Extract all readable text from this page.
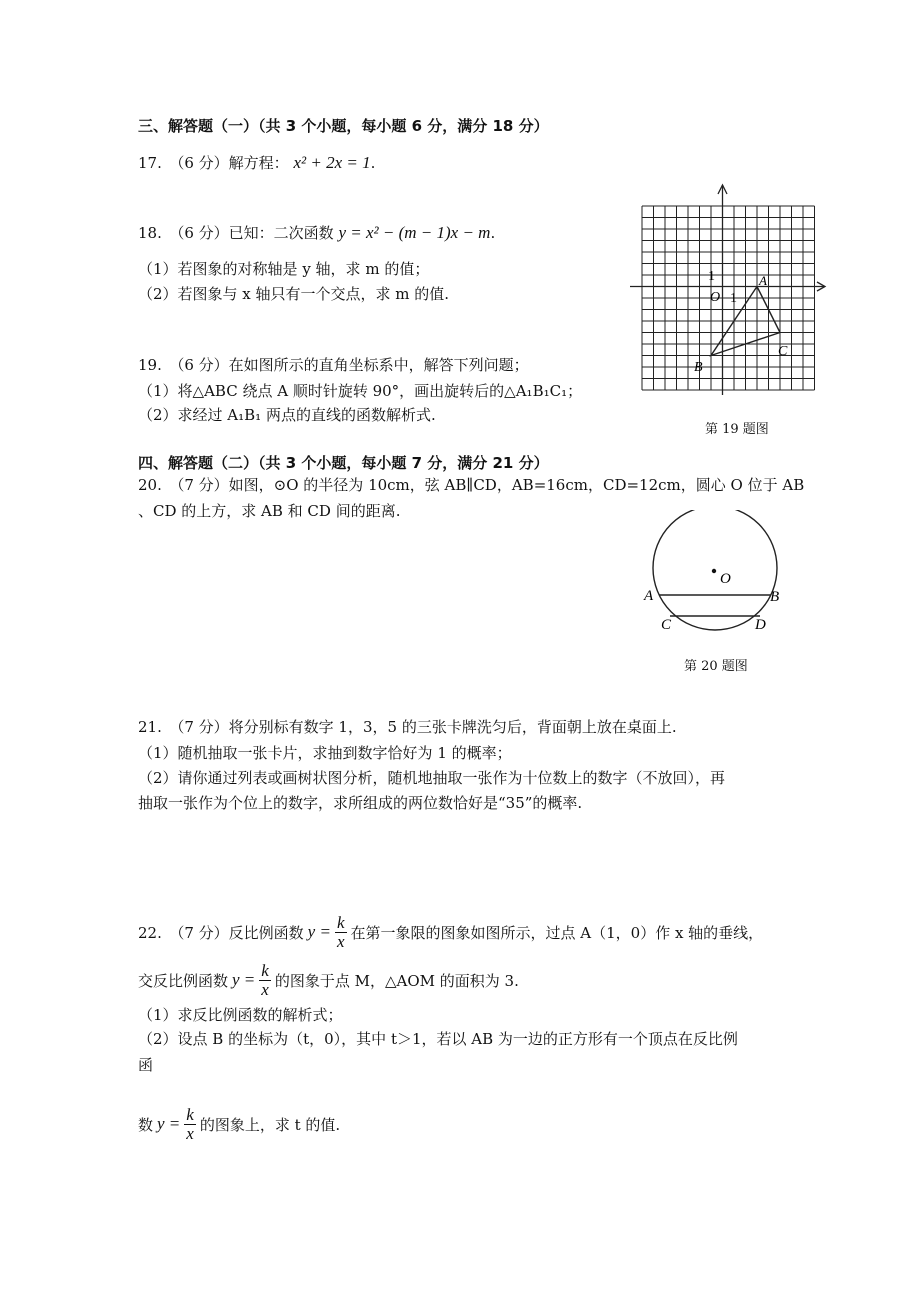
三、解答题（一）（共 3 个小题，每小题 6 分，满分 18 分）
17.　（6 分）解方程： x² + 2x = 1.
18.　（6 分）已知：二次函数 y = x² − (m − 1)x − m.
（1）若图象的对称轴是 y 轴，求 m 的值；
（2）若图象与 x 轴只有一个交点，求 m 的值.
19.　（6 分）在如图所示的直角坐标系中，解答下列问题；
（1）将△ABC 绕点 A 顺时针旋转 90°，画出旋转后的△A₁B₁C₁；
（2）求经过 A₁B₁ 两点的直线的函数解析式.
1
1
O
A
B
C
第 19 题图
四、解答题（二）（共 3 个小题，每小题 7 分，满分 21 分）
20.　（7 分）如图，⊙O 的半径为 10cm，弦 AB∥CD，AB=16cm，CD=12cm，圆心 O 位于 AB
、CD 的上方，求 AB 和 CD 间的距离.
O
A	B
C	D
第 20 题图
21.　（7 分）将分别标有数字 1，3，5 的三张卡牌洗匀后，背面朝上放在桌面上.
（1）随机抽取一张卡片，求抽到数字恰好为 1 的概率；
（2）请你通过列表或画树状图分析，随机地抽取一张作为十位数上的数字（不放回），再
抽取一张作为个位上的数字，求所组成的两位数恰好是“35”的概率.
22.　（7 分）反比例函数 $y = \frac{k}{x}$ 在第一象限的图象如图所示，过点 A（1，0）作 x 轴的垂线，
交反比例函数 $y = \frac{k}{x}$ 的图象于点 M，△AOM 的面积为 3.
（1）求反比例函数的解析式；
（2）设点 B 的坐标为（t，0），其中 t＞1，若以 AB 为一边的正方形有一个顶点在反比例
函
数 $y = \frac{k}{x}$ 的图象上，求 t 的值.
